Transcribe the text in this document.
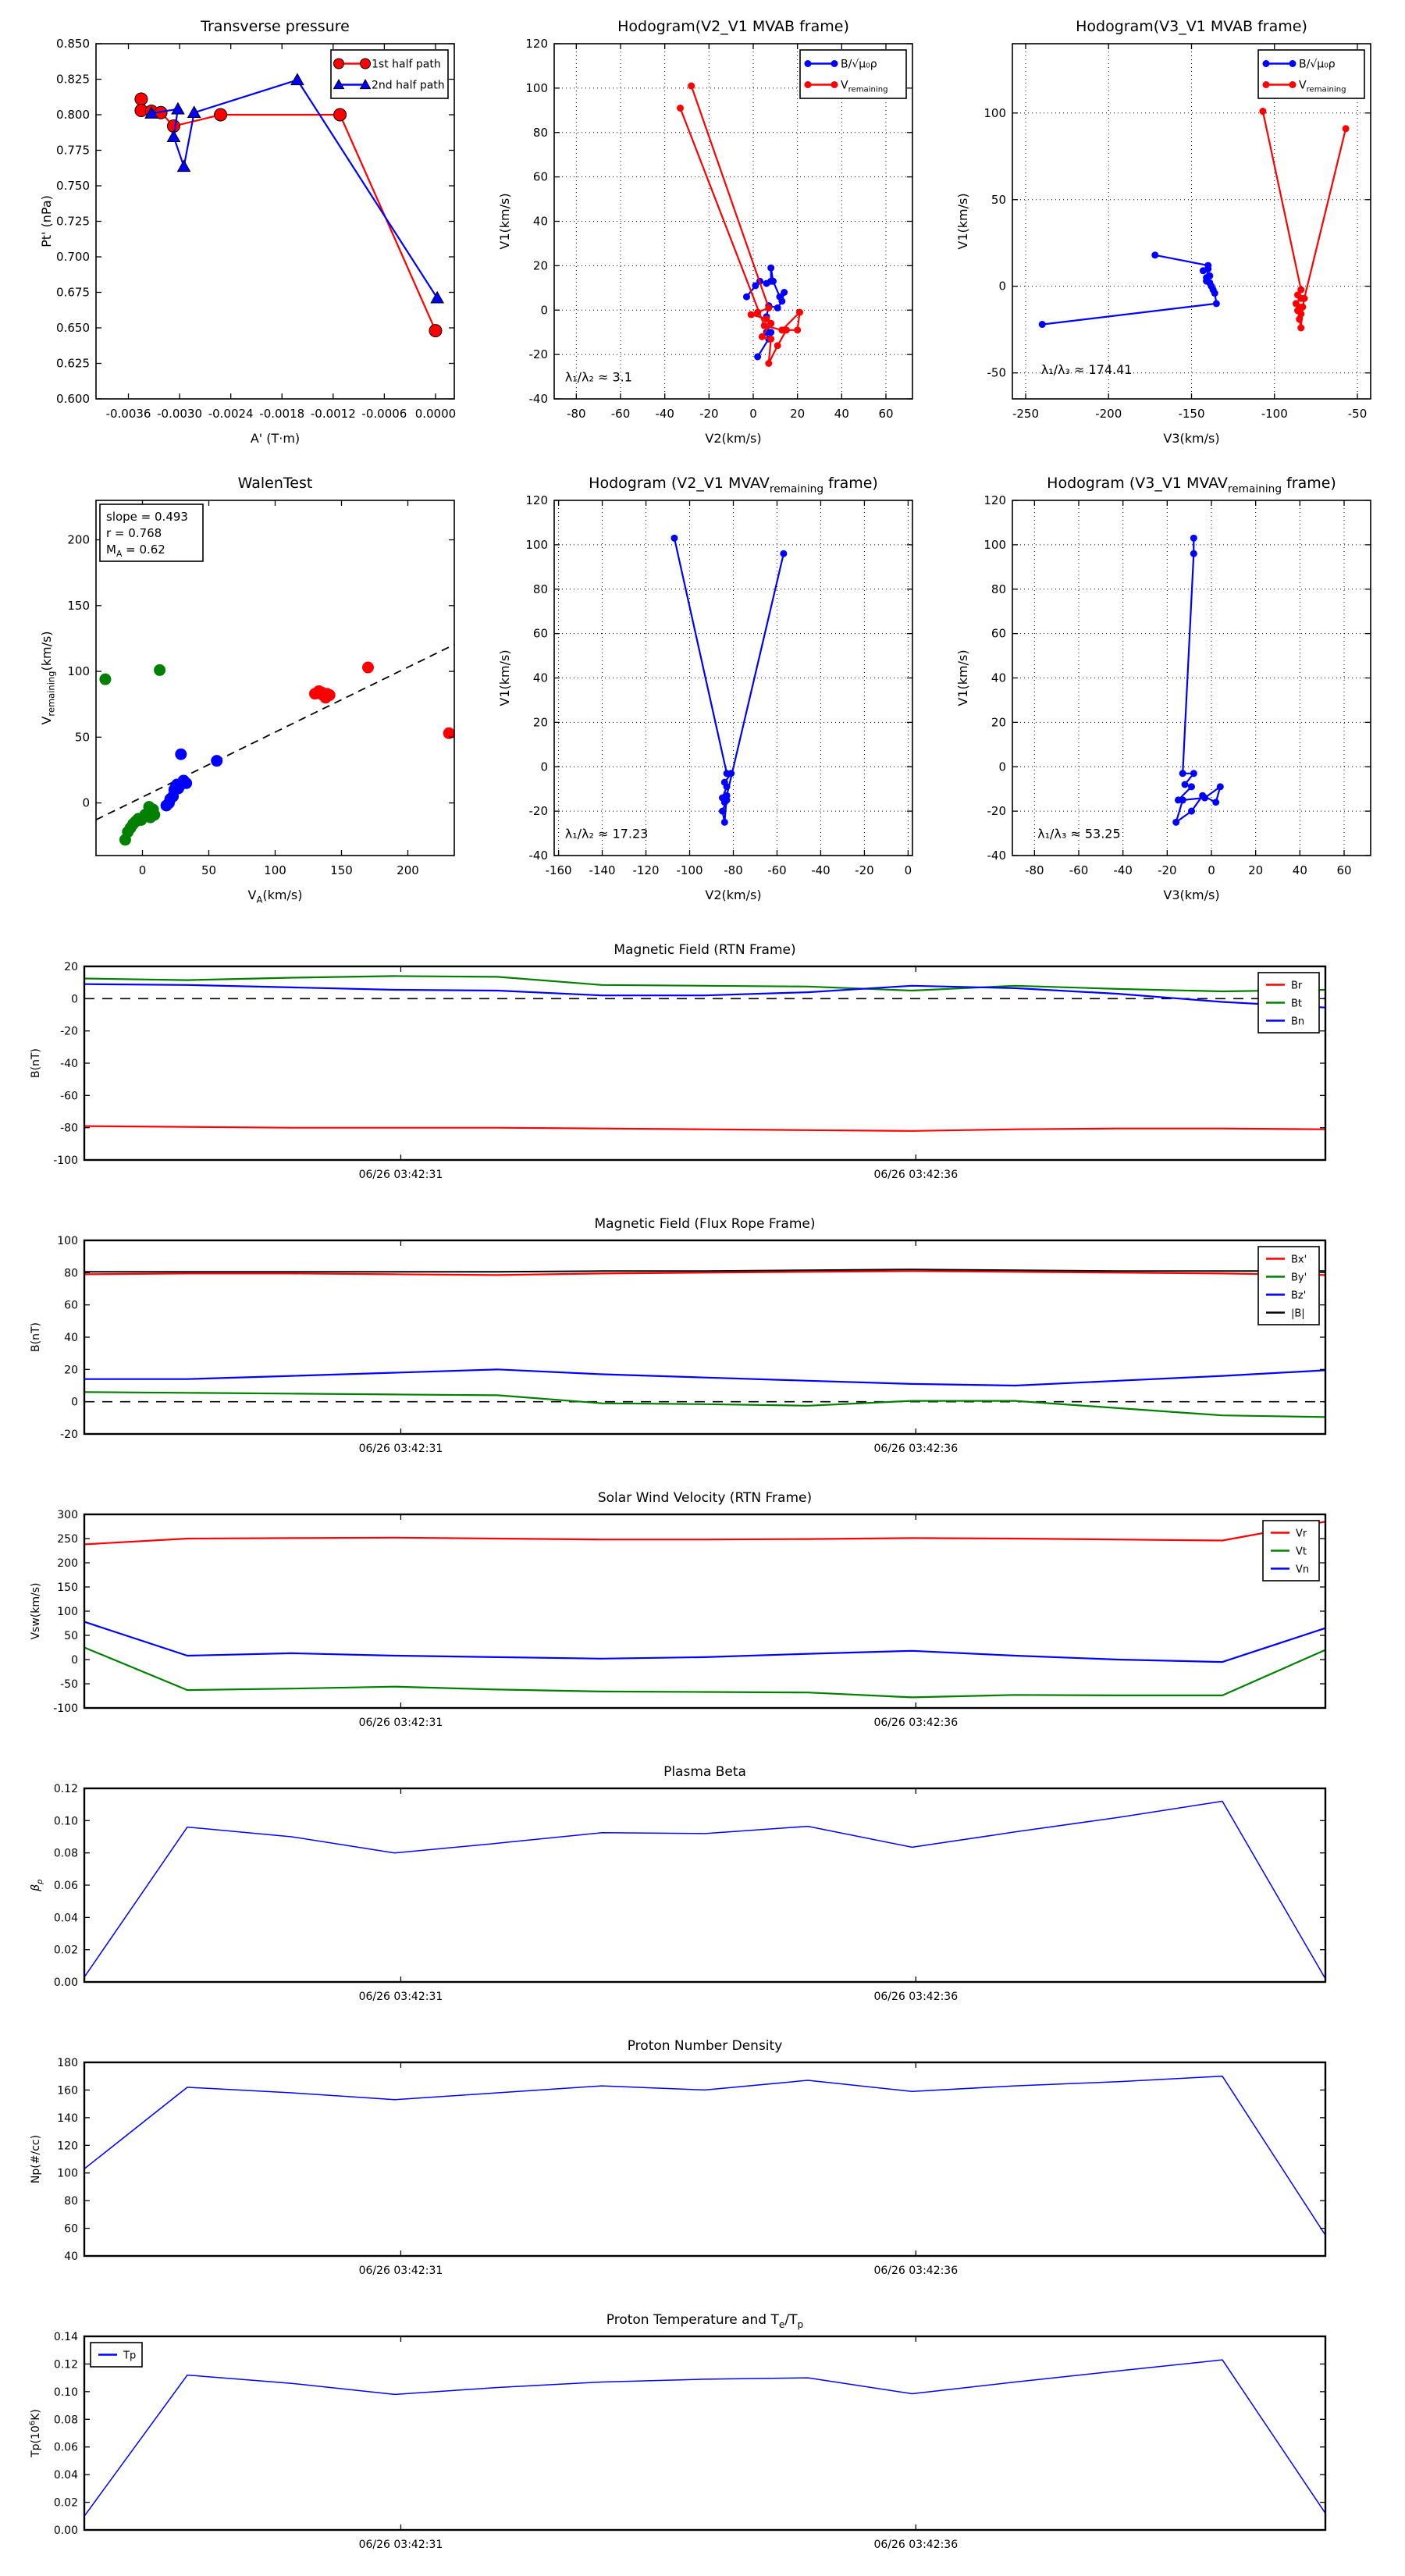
-0.0036 -0.0030 -0.0024 -0.0018 -0.0012 -0.0006 0.0000
0.600
0.625
0.650
0.675
0.700
0.725
0.750
0.775
0.800
0.825
0.850
Transverse pressure
A' (T·m)
Pt' (nPa)
1st half path
2nd half path
-80 -60 -40 -20	0	20	40	60
-40
-20
0
20
40
60
80
100
120
Hodogram(V2_V1 MVAB frame)
V2(km/s)
V1(km/s)
λ₁/λ₂ ≈ 3.1
B/√μ₀ρ
$V_{remaining}$
-250	-200	-150	-100	-50
-50
0
50
100
Hodogram(V3_V1 MVAB frame)
V3(km/s)
V1(km/s)
λ₁/λ₃ ≈ 174.41
B/√μ₀ρ
$V_{remaining}$
0	50	100	150	200
0
50
100
150
200
WalenTest
$V_A(km/s)$
$V_{remaining}(km/s)$
slope = 0.493
r = 0.768
$M_A = 0.62$
-160 -140 -120 -100 -80 -60 -40 -20	0
-40
-20
0
20
40
60
80
100
120
Hodogram (V2_V1 $MVAV_{remaining}$ frame)
V2(km/s)
V1(km/s)
λ₁/λ₂ ≈ 17.23
-80 -60 -40 -20	0	20	40	60
-40
-20
0
20
40
60
80
100
120
Hodogram (V3_V1 $MVAV_{remaining}$ frame)
V3(km/s)
V1(km/s)
λ₁/λ₃ ≈ 53.25
06/26 03:42:31	06/26 03:42:36
-100
-80
-60
-40
-20
0
20
Magnetic Field (RTN Frame)
B(nT)
Br
Bt
Bn
06/26 03:42:31	06/26 03:42:36
-20
0
20
40
60
80
100
Magnetic Field (Flux Rope Frame)
B(nT)
Bx'
By'
Bz'
|B|
06/26 03:42:31	06/26 03:42:36
-100
-50
0
50
100
150
200
250
300
Solar Wind Velocity (RTN Frame)
Vsw(km/s)
Vr
Vt
Vn
06/26 03:42:31	06/26 03:42:36
0.00
0.02
0.04
0.06
0.08
0.10
0.12
Plasma Beta
$\beta_p$
06/26 03:42:31	06/26 03:42:36
40
60
80
100
120
140
160
180
Proton Number Density
Np(#/cc)
06/26 03:42:31	06/26 03:42:36
0.00
0.02
0.04
0.06
0.08
0.10
0.12
0.14
Proton Temperature and $T_e/T_p$
$Tp(10^6K)$
Tp
